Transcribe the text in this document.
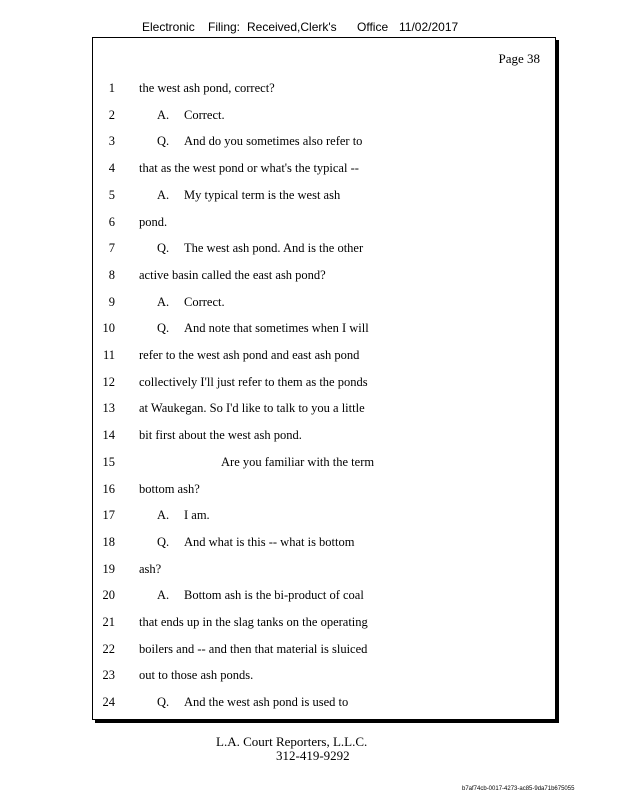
Electronic Filing: Received,Clerk's Office 11/02/2017
Page 38
1 the west ash pond, correct?
2	A. Correct.
3	Q. And do you sometimes also refer to
4 that as the west pond or what's the typical --
5	A. My typical term is the west ash
6 pond.
7	Q. The west ash pond. And is the other
8 active basin called the east ash pond?
9	A. Correct.
10	Q. And note that sometimes when I will
11 refer to the west ash pond and east ash pond
12 collectively I'll just refer to them as the ponds
13 at Waukegan. So I'd like to talk to you a little
14 bit first about the west ash pond.
15	Are you familiar with the term
16 bottom ash?
17	A. I am.
18	Q. And what is this -- what is bottom
19 ash?
20	A. Bottom ash is the bi-product of coal
21 that ends up in the slag tanks on the operating
22 boilers and -- and then that material is sluiced
23 out to those ash ponds.
24	Q. And the west ash pond is used to
L.A. Court Reporters, L.L.C.
312-419-9292
b7af74cb-0017-4273-ac85-9da71b675055
